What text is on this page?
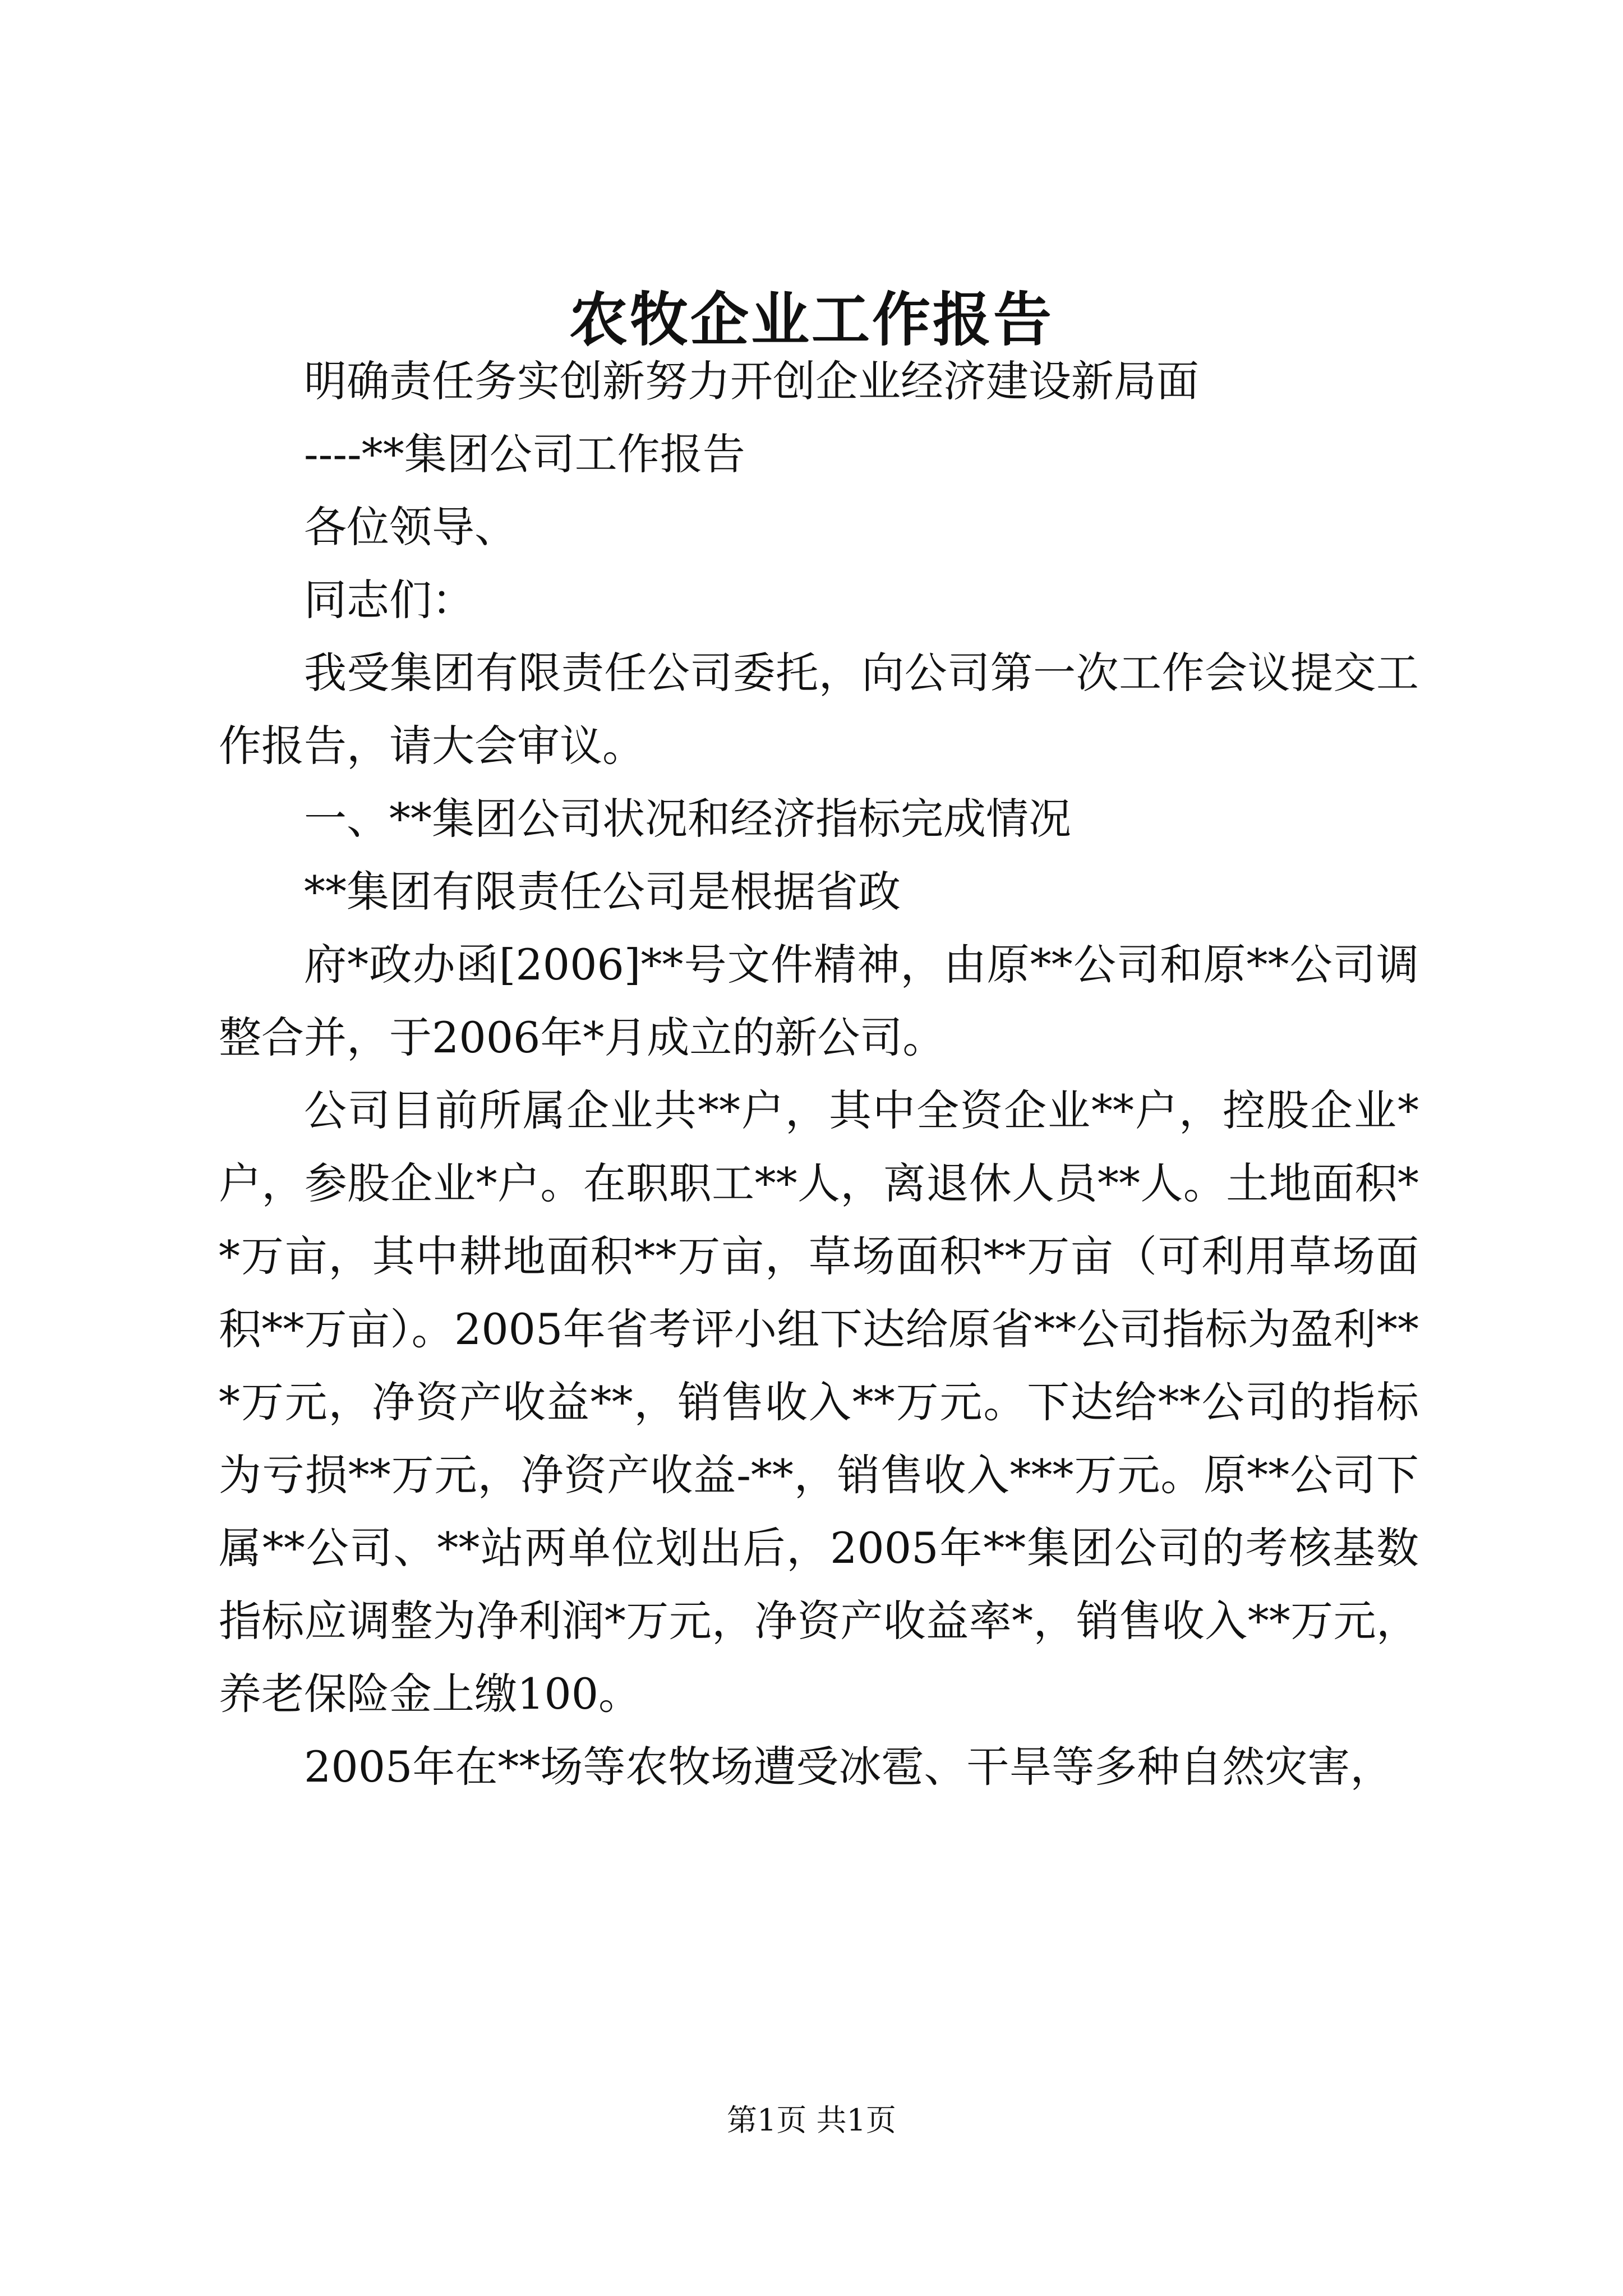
农牧企业工作报告

明确责任务实创新努力开创企业经济建设新局面

----**集团公司工作报告

各位领导、

同志们：

我受集团有限责任公司委托，向公司第一次工作会议提交工作报告，请大会审议。

一、**集团公司状况和经济指标完成情况

**集团有限责任公司是根据省政

府*政办函[2006]**号文件精神，由原**公司和原**公司调整合并，于2006年*月成立的新公司。

公司目前所属企业共**户，其中全资企业**户，控股企业*户，参股企业*户。在职职工**人，离退休人员**人。土地面积**万亩，其中耕地面积**万亩，草场面积**万亩（可利用草场面积**万亩）。2005年省考评小组下达给原省**公司指标为盈利***万元，净资产收益**，销售收入**万元。下达给**公司的指标为亏损**万元，净资产收益-**，销售收入***万元。原**公司下属**公司、**站两单位划出后，2005年**集团公司的考核基数指标应调整为净利润*万元，净资产收益率*，销售收入**万元，养老保险金上缴100。

2005年在**场等农牧场遭受冰雹、干旱等多种自然灾害，

第1页 共1页
